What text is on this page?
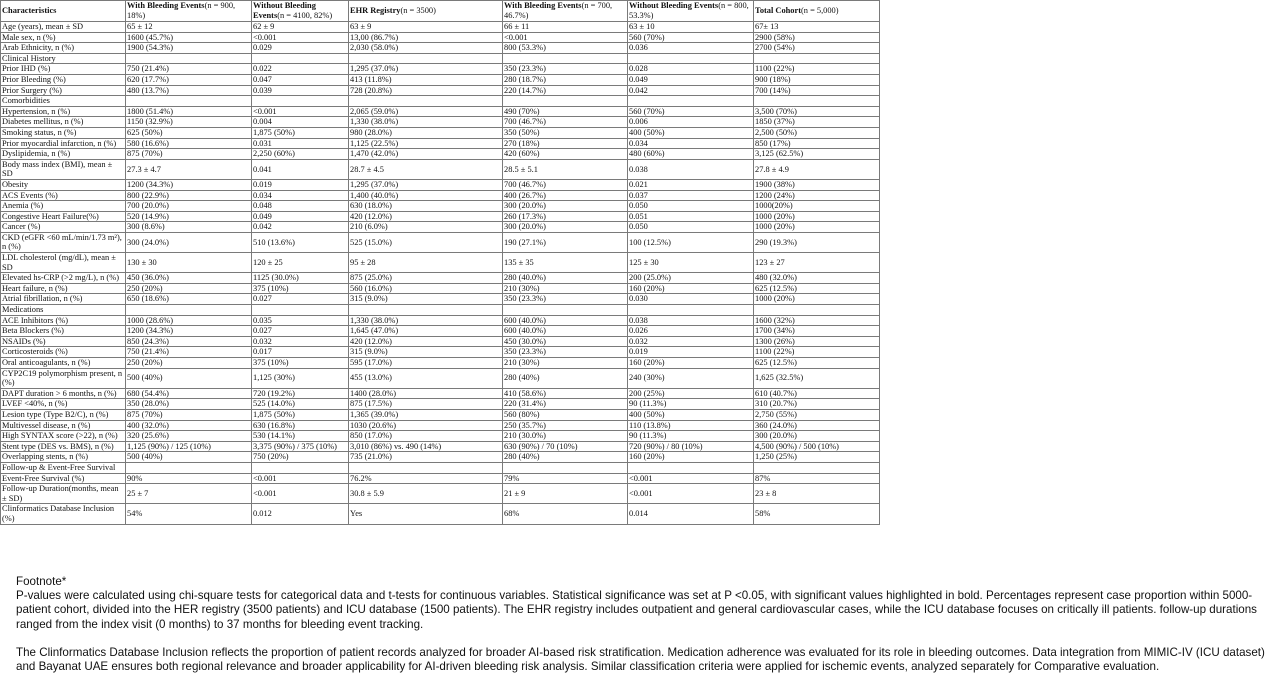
Characteristics	With Bleeding Events(n = 900, 18%)	Without Bleeding Events(n = 4100, 82%)	EHR Registry(n = 3500)	With Bleeding Events(n = 700, 46.7%)	Without Bleeding Events(n = 800, 53.3%)	Total Cohort(n = 5,000)
Age (years), mean ± SD	65 ± 12	62 ± 9	63 ± 9	66 ± 11	63 ± 10	67± 13
Male sex, n (%)	1600 (45.7%)	<0.001	13,00 (86.7%)	<0.001	560 (70%)	2900 (58%)
Arab Ethnicity, n (%)	1900 (54.3%)	0.029	2,030 (58.0%)	800 (53.3%)	0.036	2700 (54%)
Clinical History						
Prior IHD (%)	750 (21.4%)	0.022	1,295 (37.0%)	350 (23.3%)	0.028	1100 (22%)
Prior Bleeding (%)	620 (17.7%)	0.047	413 (11.8%)	280 (18.7%)	0.049	900 (18%)
Prior Surgery (%)	480 (13.7%)	0.039	728 (20.8%)	220 (14.7%)	0.042	700 (14%)
Comorbidities						
Hypertension, n (%)	1800 (51.4%)	<0.001	2,065 (59.0%)	490 (70%)	560 (70%)	3,500 (70%)
Diabetes mellitus, n (%)	1150 (32.9%)	0.004	1,330 (38.0%)	700 (46.7%)	0.006	1850 (37%)
Smoking status, n (%)	625 (50%)	1,875 (50%)	980 (28.0%)	350 (50%)	400 (50%)	2,500 (50%)
Prior myocardial infarction, n (%)	580 (16.6%)	0.031	1,125 (22.5%)	270 (18%)	0.034	850 (17%)
Dyslipidemia, n (%)	875 (70%)	2,250 (60%)	1,470 (42.0%)	420 (60%)	480 (60%)	3,125 (62.5%)
Body mass index (BMI), mean ± SD	27.3 ± 4.7	0.041	28.7 ± 4.5	28.5 ± 5.1	0.038	27.8 ± 4.9
Obesity	1200 (34.3%)	0.019	1,295 (37.0%)	700 (46.7%)	0.021	1900 (38%)
ACS Events (%)	800 (22.9%)	0.034	1,400 (40.0%)	400 (26.7%)	0.037	1200 (24%)
Anemia (%)	700 (20.0%)	0.048	630 (18.0%)	300 (20.0%)	0.050	1000(20%)
Congestive Heart Failure(%)	520 (14.9%)	0.049	420 (12.0%)	260 (17.3%)	0.051	1000 (20%)
Cancer (%)	300 (8.6%)	0.042	210 (6.0%)	300 (20.0%)	0.050	1000 (20%)
CKD (eGFR <60 mL/min/1.73 m²), n (%)	300 (24.0%)	510 (13.6%)	525 (15.0%)	190 (27.1%)	100 (12.5%)	290 (19.3%)
LDL cholesterol (mg/dL), mean ± SD	130 ± 30	120 ± 25	95 ± 28	135 ± 35	125 ± 30	123 ± 27
Elevated hs-CRP (>2 mg/L), n (%)	450 (36.0%)	1125 (30.0%)	875 (25.0%)	280 (40.0%)	200 (25.0%)	480 (32.0%)
Heart failure, n (%)	250 (20%)	375 (10%)	560 (16.0%)	210 (30%)	160 (20%)	625 (12.5%)
Atrial fibrillation, n (%)	650 (18.6%)	0.027	315 (9.0%)	350 (23.3%)	0.030	1000 (20%)
Medications						
ACE Inhibitors (%)	1000 (28.6%)	0.035	1,330 (38.0%)	600 (40.0%)	0.038	1600 (32%)
Beta Blockers (%)	1200 (34.3%)	0.027	1,645 (47.0%)	600 (40.0%)	0.026	1700 (34%)
NSAIDs (%)	850 (24.3%)	0.032	420 (12.0%)	450 (30.0%)	0.032	1300 (26%)
Corticosteroids (%)	750 (21.4%)	0.017	315 (9.0%)	350 (23.3%)	0.019	1100 (22%)
Oral anticoagulants, n (%)	250 (20%)	375 (10%)	595 (17.0%)	210 (30%)	160 (20%)	625 (12.5%)
CYP2C19 polymorphism present, n (%)	500 (40%)	1,125 (30%)	455 (13.0%)	280 (40%)	240 (30%)	1,625 (32.5%)
DAPT duration > 6 months, n (%)	680 (54.4%)	720 (19.2%)	1400 (28.0%)	410 (58.6%)	200 (25%)	610 (40.7%)
LVEF <40%, n (%)	350 (28.0%)	525 (14.0%)	875 (17.5%)	220 (31.4%)	90 (11.3%)	310 (20.7%)
Lesion type (Type B2/C), n (%)	875 (70%)	1,875 (50%)	1,365 (39.0%)	560 (80%)	400 (50%)	2,750 (55%)
Multivessel disease, n (%)	400 (32.0%)	630 (16.8%)	1030 (20.6%)	250 (35.7%)	110 (13.8%)	360 (24.0%)
High SYNTAX score (>22), n (%)	320 (25.6%)	530 (14.1%)	850 (17.0%)	210 (30.0%)	90 (11.3%)	300 (20.0%)
Stent type (DES vs. BMS), n (%)	1,125 (90%) / 125 (10%)	3,375 (90%) / 375 (10%)	3,010 (86%) vs. 490 (14%)	630 (90%) / 70 (10%)	720 (90%) / 80 (10%)	4,500 (90%) / 500 (10%)
Overlapping stents, n (%)	500 (40%)	750 (20%)	735 (21.0%)	280 (40%)	160 (20%)	1,250 (25%)
Follow-up & Event-Free Survival						
Event-Free Survival (%)	90%	<0.001	76.2%	79%	<0.001	87%
Follow-up Duration(months, mean ± SD)	25 ± 7	<0.001	30.8 ± 5.9	21 ± 9	<0.001	23 ± 8
Clinformatics Database Inclusion (%)	54%	0.012	Yes	68%	0.014	58%

Footnote*

P-values were calculated using chi-square tests for categorical data and t-tests for continuous variables. Statistical significance was set at P <0.05, with significant values highlighted in bold. Percentages represent case proportion within 5000-patient cohort, divided into the HER registry (3500 patients) and ICU database (1500 patients). The EHR registry includes outpatient and general cardiovascular cases, while the ICU database focuses on critically ill patients. follow-up durations ranged from the index visit (0 months) to 37 months for bleeding event tracking.

The Clinformatics Database Inclusion reflects the proportion of patient records analyzed for broader AI-based risk stratification. Medication adherence was evaluated for its role in bleeding outcomes. Data integration from MIMIC-IV (ICU dataset) and Bayanat UAE ensures both regional relevance and broader applicability for AI-driven bleeding risk analysis. Similar classification criteria were applied for ischemic events, analyzed separately for Comparative evaluation.
